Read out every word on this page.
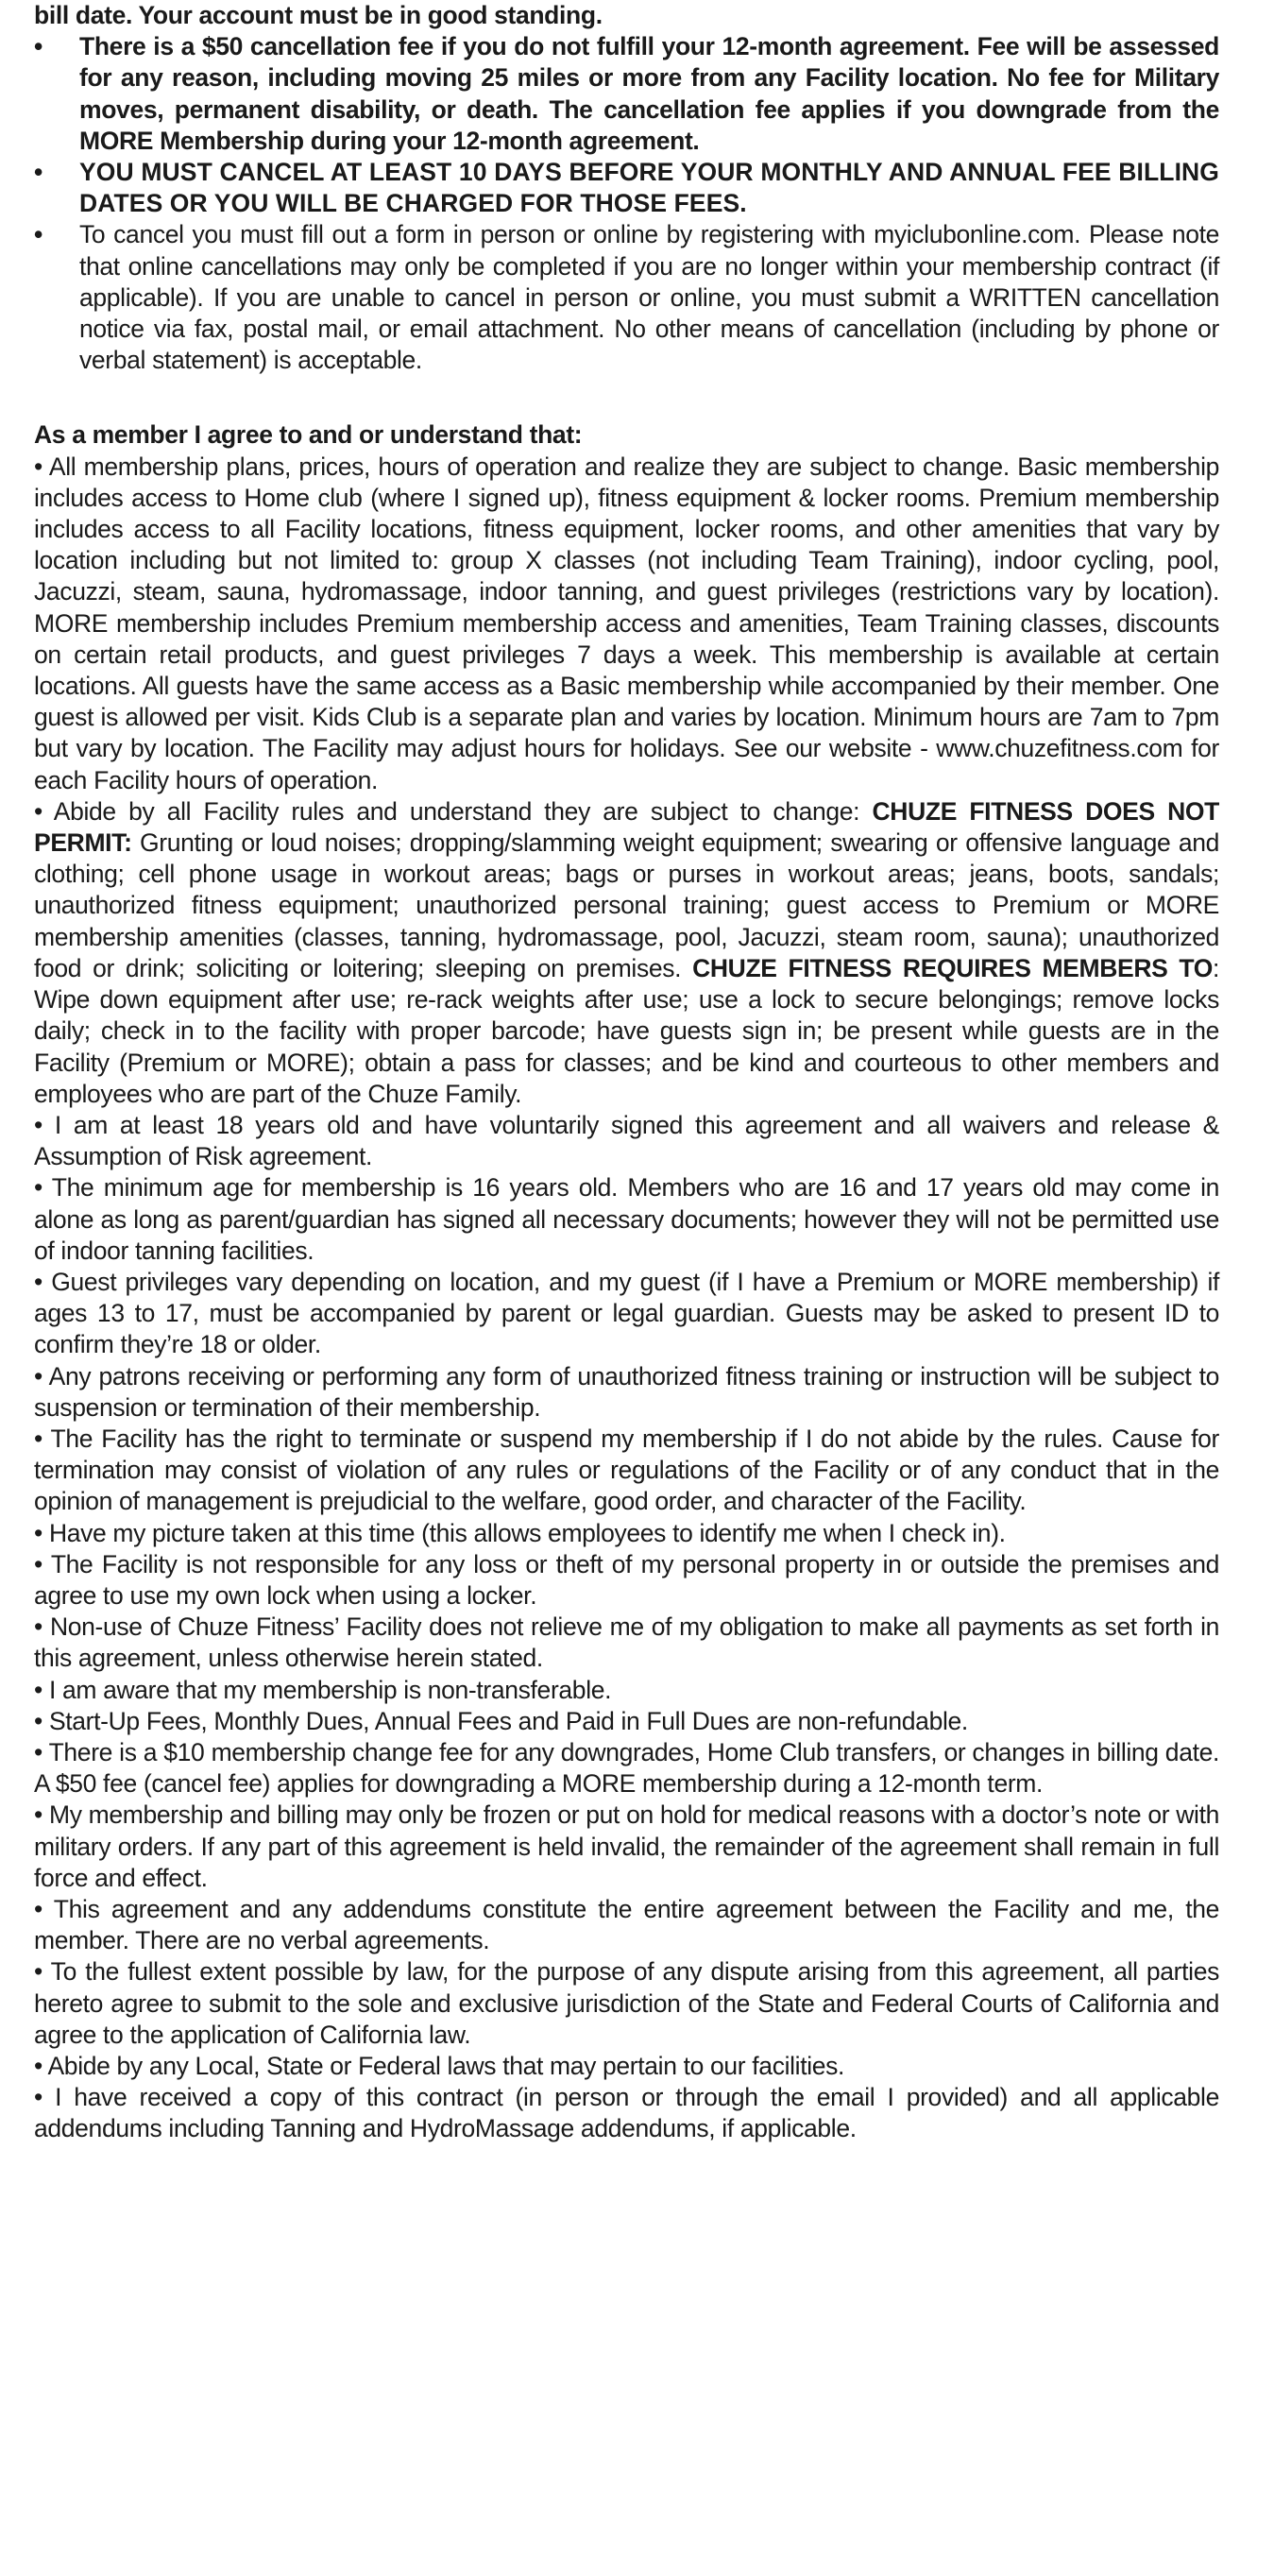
bill date. Your account must be in good standing.
• There is a $50 cancellation fee if you do not fulfill your 12-month agreement. Fee will be assessed for any reason, including moving 25 miles or more from any Facility location. No fee for Military moves, permanent disability, or death. The cancellation fee applies if you downgrade from the MORE Membership during your 12-month agreement.
• YOU MUST CANCEL AT LEAST 10 DAYS BEFORE YOUR MONTHLY AND ANNUAL FEE BILLING DATES OR YOU WILL BE CHARGED FOR THOSE FEES.
• To cancel you must fill out a form in person or online by registering with myiclubonline.com. Please note that online cancellations may only be completed if you are no longer within your membership contract (if applicable). If you are unable to cancel in person or online, you must submit a WRITTEN cancellation notice via fax, postal mail, or email attachment. No other means of cancellation (including by phone or verbal statement) is acceptable.
As a member I agree to and or understand that:

• All membership plans, prices, hours of operation and realize they are subject to change. Basic membership includes access to Home club (where I signed up), fitness equipment & locker rooms. Premium membership includes access to all Facility locations, fitness equipment, locker rooms, and other amenities that vary by location including but not limited to: group X classes (not including Team Training), indoor cycling, pool, Jacuzzi, steam, sauna, hydromassage, indoor tanning, and guest privileges (restrictions vary by location). MORE membership includes Premium membership access and amenities, Team Training classes, discounts on certain retail products, and guest privileges 7 days a week. This membership is available at certain locations. All guests have the same access as a Basic membership while accompanied by their member. One guest is allowed per visit. Kids Club is a separate plan and varies by location. Minimum hours are 7am to 7pm but vary by location. The Facility may adjust hours for holidays. See our website - www.chuzefitness.com for each Facility hours of operation.

• Abide by all Facility rules and understand they are subject to change: CHUZE FITNESS DOES NOT PERMIT: Grunting or loud noises; dropping/slamming weight equipment; swearing or offensive language and clothing; cell phone usage in workout areas; bags or purses in workout areas; jeans, boots, sandals; unauthorized fitness equipment; unauthorized personal training; guest access to Premium or MORE membership amenities (classes, tanning, hydromassage, pool, Jacuzzi, steam room, sauna); unauthorized food or drink; soliciting or loitering; sleeping on premises. CHUZE FITNESS REQUIRES MEMBERS TO: Wipe down equipment after use; re-rack weights after use; use a lock to secure belongings; remove locks daily; check in to the facility with proper barcode; have guests sign in; be present while guests are in the Facility (Premium or MORE); obtain a pass for classes; and be kind and courteous to other members and employees who are part of the Chuze Family.

• I am at least 18 years old and have voluntarily signed this agreement and all waivers and release & Assumption of Risk agreement.

• The minimum age for membership is 16 years old. Members who are 16 and 17 years old may come in alone as long as parent/guardian has signed all necessary documents; however they will not be permitted use of indoor tanning facilities.

• Guest privileges vary depending on location, and my guest (if I have a Premium or MORE membership) if ages 13 to 17, must be accompanied by parent or legal guardian. Guests may be asked to present ID to confirm they’re 18 or older.

• Any patrons receiving or performing any form of unauthorized fitness training or instruction will be subject to suspension or termination of their membership.

• The Facility has the right to terminate or suspend my membership if I do not abide by the rules. Cause for termination may consist of violation of any rules or regulations of the Facility or of any conduct that in the opinion of management is prejudicial to the welfare, good order, and character of the Facility.

• Have my picture taken at this time (this allows employees to identify me when I check in).

• The Facility is not responsible for any loss or theft of my personal property in or outside the premises and agree to use my own lock when using a locker.

• Non-use of Chuze Fitness’ Facility does not relieve me of my obligation to make all payments as set forth in this agreement, unless otherwise herein stated.

• I am aware that my membership is non-transferable.

• Start-Up Fees, Monthly Dues, Annual Fees and Paid in Full Dues are non-refundable.

• There is a $10 membership change fee for any downgrades, Home Club transfers, or changes in billing date. A $50 fee (cancel fee) applies for downgrading a MORE membership during a 12-month term.

• My membership and billing may only be frozen or put on hold for medical reasons with a doctor’s note or with military orders. If any part of this agreement is held invalid, the remainder of the agreement shall remain in full force and effect.

• This agreement and any addendums constitute the entire agreement between the Facility and me, the member. There are no verbal agreements.

• To the fullest extent possible by law, for the purpose of any dispute arising from this agreement, all parties hereto agree to submit to the sole and exclusive jurisdiction of the State and Federal Courts of California and agree to the application of California law.

• Abide by any Local, State or Federal laws that may pertain to our facilities.

• I have received a copy of this contract (in person or through the email I provided) and all applicable addendums including Tanning and HydroMassage addendums, if applicable.
